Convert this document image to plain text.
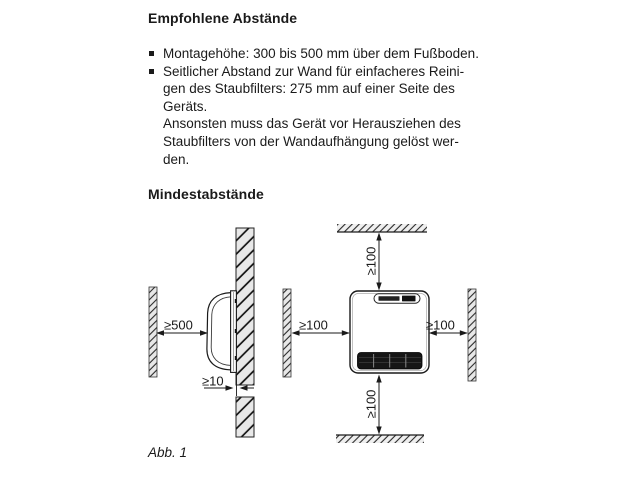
Empfohlene Abstände
Montagehöhe: 300 bis 500 mm über dem Fußboden.
Seitlicher Abstand zur Wand für einfacheres Reini-
gen des Staubfilters: 275 mm auf einer Seite des
Geräts.
Ansonsten muss das Gerät vor Herausziehen des
Staubfilters von der Wandaufhängung gelöst wer-
den.
Mindestabstände
≥500
≥10
≥100
≥100	≥100
≥100
Abb. 1
